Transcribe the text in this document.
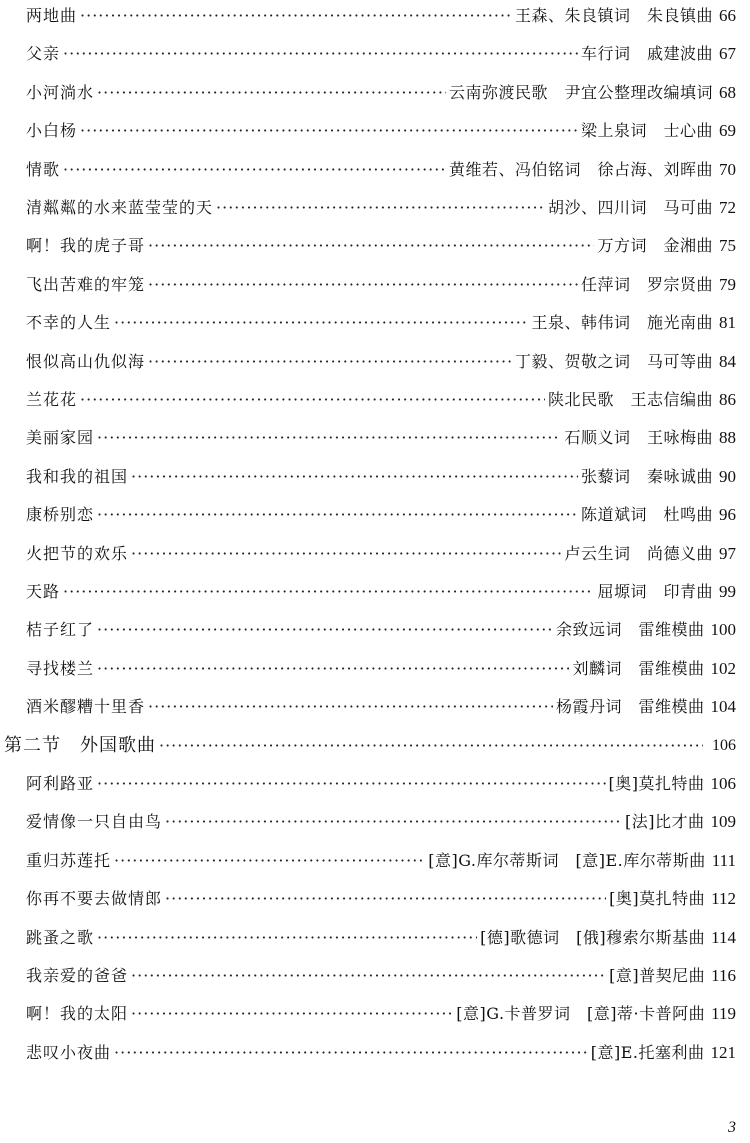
两地曲 ·····	王森、朱良镇词　朱良镇曲 66
父亲 ·····	车行词　戚建波曲 67
小河淌水 ·····	云南弥渡民歌　尹宜公整理改编填词 68
小白杨 ·····	梁上泉词　士心曲 69
情歌 ·····	黄维若、冯伯铭词　徐占海、刘晖曲 70
清粼粼的水来蓝莹莹的天 ·····	胡沙、四川词　马可曲 72
啊！我的虎子哥 ·····	万方词　金湘曲 75
飞出苦难的牢笼 ·····	任萍词　罗宗贤曲 79
不幸的人生 ·····	王泉、韩伟词　施光南曲 81
恨似高山仇似海 ·····	丁毅、贺敬之词　马可等曲 84
兰花花 ·····	陕北民歌　王志信编曲 86
美丽家园 ·····	石顺义词　王咏梅曲 88
我和我的祖国 ·····	张藜词　秦咏诚曲 90
康桥别恋 ·····	陈道斌词　杜鸣曲 96
火把节的欢乐 ·····	卢云生词　尚德义曲 97
天路 ·····	屈塬词　印青曲 99
桔子红了 ·····	余致远词　雷维模曲 100
寻找楼兰 ·····	刘麟词　雷维模曲 102
酒米醪糟十里香 ·····	杨霞丹词　雷维模曲 104
第二节　外国歌曲 ·····	106
阿利路亚 ·····	[奥]莫扎特曲 106
爱情像一只自由鸟 ·····	[法]比才曲 109
重归苏莲托 ·····	[意]G.库尔蒂斯词　[意]E.库尔蒂斯曲 111
你再不要去做情郎 ·····	[奥]莫扎特曲 112
跳蚤之歌 ·····	[德]歌德词　[俄]穆索尔斯基曲 114
我亲爱的爸爸 ·····	[意]普契尼曲 116
啊！我的太阳 ·····	[意]G.卡普罗词　[意]蒂·卡普阿曲 119
悲叹小夜曲 ·····	[意]E.托塞利曲 121
3
